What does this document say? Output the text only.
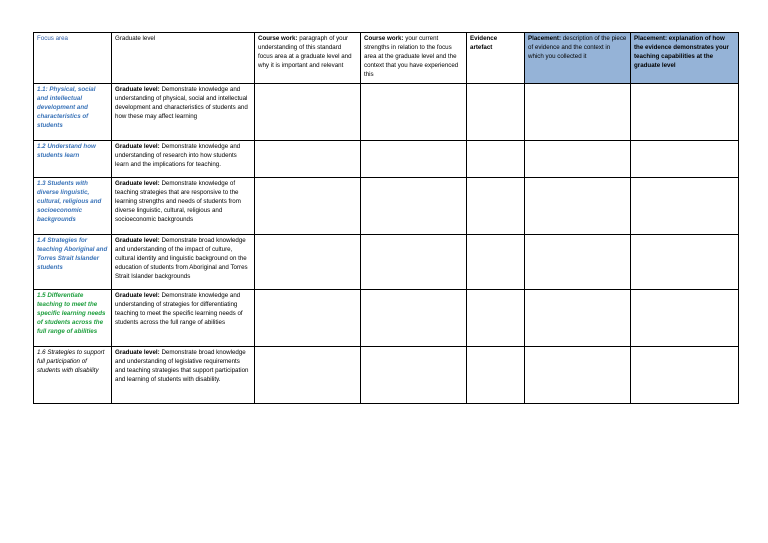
Focus area	Graduate level	Course work: paragraph of your understanding of this standard focus area at a graduate level and why it is important and relevant	Course work: your current strengths in relation to the focus area at the graduate level and the context that you have experienced this	Evidence artefact	Placement: description of the piece of evidence and the context in which you collected it	Placement: explanation of how the evidence demonstrates your teaching capabilities at the graduate level
1.1: Physical, social and intellectual development and characteristics of students	Graduate level: Demonstrate knowledge and understanding of physical, social and intellectual development and characteristics of students and how these may affect learning					
1.2 Understand how students learn	Graduate level: Demonstrate knowledge and understanding of research into how students learn and the implications for teaching.					
1.3 Students with diverse linguistic, cultural, religious and socioeconomic backgrounds	Graduate level: Demonstrate knowledge of teaching strategies that are responsive to the learning strengths and needs of students from diverse linguistic, cultural, religious and socioeconomic backgrounds					
1.4 Strategies for teaching Aboriginal and Torres Strait Islander students	Graduate level: Demonstrate broad knowledge and understanding of the impact of culture, cultural identity and linguistic background on the education of students from Aboriginal and Torres Strait Islander backgrounds					
1.5 Differentiate teaching to meet the specific learning needs of students across the full range of abilities	Graduate level: Demonstrate knowledge and understanding of strategies for differentiating teaching to meet the specific learning needs of students across the full range of abilities					
1.6 Strategies to support full participation of students with disability	Graduate level: Demonstrate broad knowledge and understanding of legislative requirements and teaching strategies that support participation and learning of students with disability.					
